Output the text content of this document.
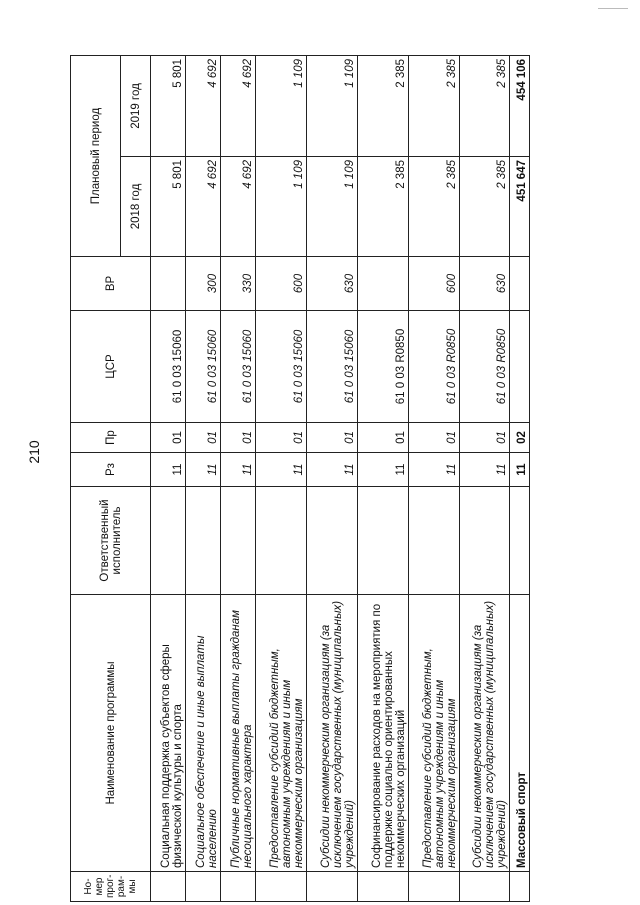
210
Но-мер прог-рам-мы	Наименование программы	Ответственный исполнитель	Рз	Пр	ЦСР	ВР	Плановый период	
							2018 год	2019 год
	Социальная поддержка субъектов сферы физической культуры и спорта		11	01	61 0 03 15060		5 801	5 801
	Социальное обеспечение и иные выплаты населению		11	01	61 0 03 15060	300	4 692	4 692
	Публичные нормативные выплаты гражданам несоциального характера		11	01	61 0 03 15060	330	4 692	4 692
	Предоставление субсидий бюджетным, автономным учреждениям и иным некоммерческим организациям		11	01	61 0 03 15060	600	1 109	1 109
	Субсидии некоммерческим организациям (за исключением государственных (муниципальных) учреждений)		11	01	61 0 03 15060	630	1 109	1 109
	Софинансирование расходов на мероприятия по поддержке социально ориентированных некоммерческих организаций		11	01	61 0 03 R0850		2 385	2 385
	Предоставление субсидий бюджетным, автономным учреждениям и иным некоммерческим организациям		11	01	61 0 03 R0850	600	2 385	2 385
	Субсидии некоммерческим организациям (за исключением государственных (муниципальных) учреждений)		11	01	61 0 03 R0850	630	2 385	2 385
	Массовый спорт		11	02			451 647	454 106
